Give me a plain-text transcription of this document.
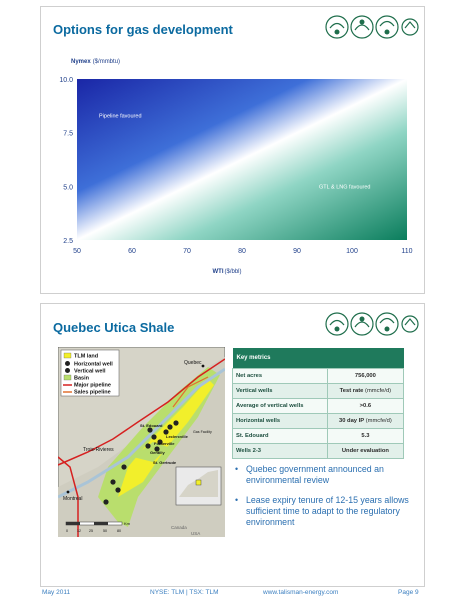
Options for gas development
Nymex ($/mmbtu)
10.0
7.5
5.0
2.5
50	60	70	80	90	100	110
Pipeline favoured
GTL & LNG favoured
WTI($/bbl)
Quebec Utica Shale
TLM land
Horizontal well
Vertical well
Basin
Major pipeline
Sales pipeline
Quebec
St. Edouard
Leclercville
Fortierville
Gentilly
St. Gertrude
Trois-Rivieres
Montreal
Gas Facility
Canada
USA
Km
0	12 25	50	80
Key metrics	
Net acres	756,000
Vertical wells	Test rate (mmcfe/d)
Average of vertical wells	>0.6
Horizontal wells	30 day IP (mmcfe/d)
St. Edouard	5.3
Wells 2-3	Under evaluation
• Quebec government announced an environmental review
• Lease expiry tenure of 12-15 years allows sufficient time to adapt to the regulatory environment
May 2011	NYSE: TLM | TSX: TLM	www.talisman-energy.com	Page 9
